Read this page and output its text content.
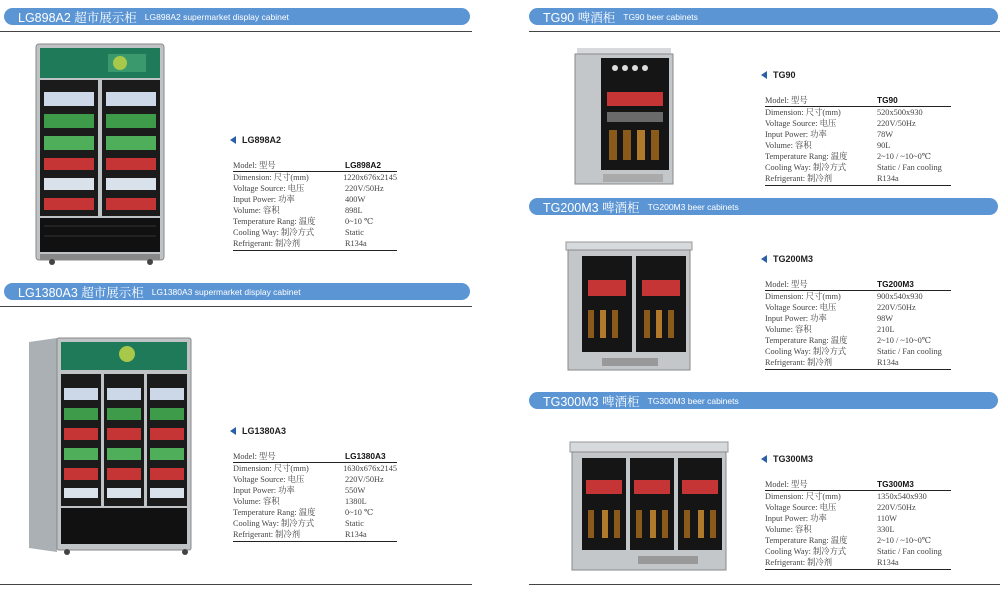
LG898A2 超市展示柜 LG898A2 supermarket display cabinet
LG1380A3 超市展示柜 LG1380A3 supermarket display cabinet
TG90 啤酒柜 TG90 beer cabinets
TG200M3 啤酒柜 TG200M3 beer cabinets
TG300M3 啤酒柜 TG300M3 beer cabinets
LG898A2
LG1380A3
TG90
TG200M3
TG300M3
Model: 型号	LG898A2
Dimension: 尺寸(mm)	1220x676x2145
Voltage Source: 电压	220V/50Hz
Input Power: 功率	400W
Volume: 容积	898L
Temperature Rang: 温度	0~10 ℃
Cooling Way: 制冷方式	Static
Refrigerant: 制冷剂	R134a
Model: 型号	LG1380A3
Dimension: 尺寸(mm)	1630x676x2145
Voltage Source: 电压	220V/50Hz
Input Power: 功率	550W
Volume: 容积	1380L
Temperature Rang: 温度	0~10 ℃
Cooling Way: 制冷方式	Static
Refrigerant: 制冷剂	R134a
Model: 型号	TG90
Dimension: 尺寸(mm)	520x500x930
Voltage Source: 电压	220V/50Hz
Input Power: 功率	78W
Volume: 容积	90L
Temperature Rang: 温度	2~10 / ~10~0℃
Cooling Way: 制冷方式	Static / Fan cooling
Refrigerant: 制冷剂	R134a
Model: 型号	TG200M3
Dimension: 尺寸(mm)	900x540x930
Voltage Source: 电压	220V/50Hz
Input Power: 功率	98W
Volume: 容积	210L
Temperature Rang: 温度	2~10 / ~10~0℃
Cooling Way: 制冷方式	Static / Fan cooling
Refrigerant: 制冷剂	R134a
Model: 型号	TG300M3
Dimension: 尺寸(mm)	1350x540x930
Voltage Source: 电压	220V/50Hz
Input Power: 功率	110W
Volume: 容积	330L
Temperature Rang: 温度	2~10 / ~10~0℃
Cooling Way: 制冷方式	Static / Fan cooling
Refrigerant: 制冷剂	R134a
